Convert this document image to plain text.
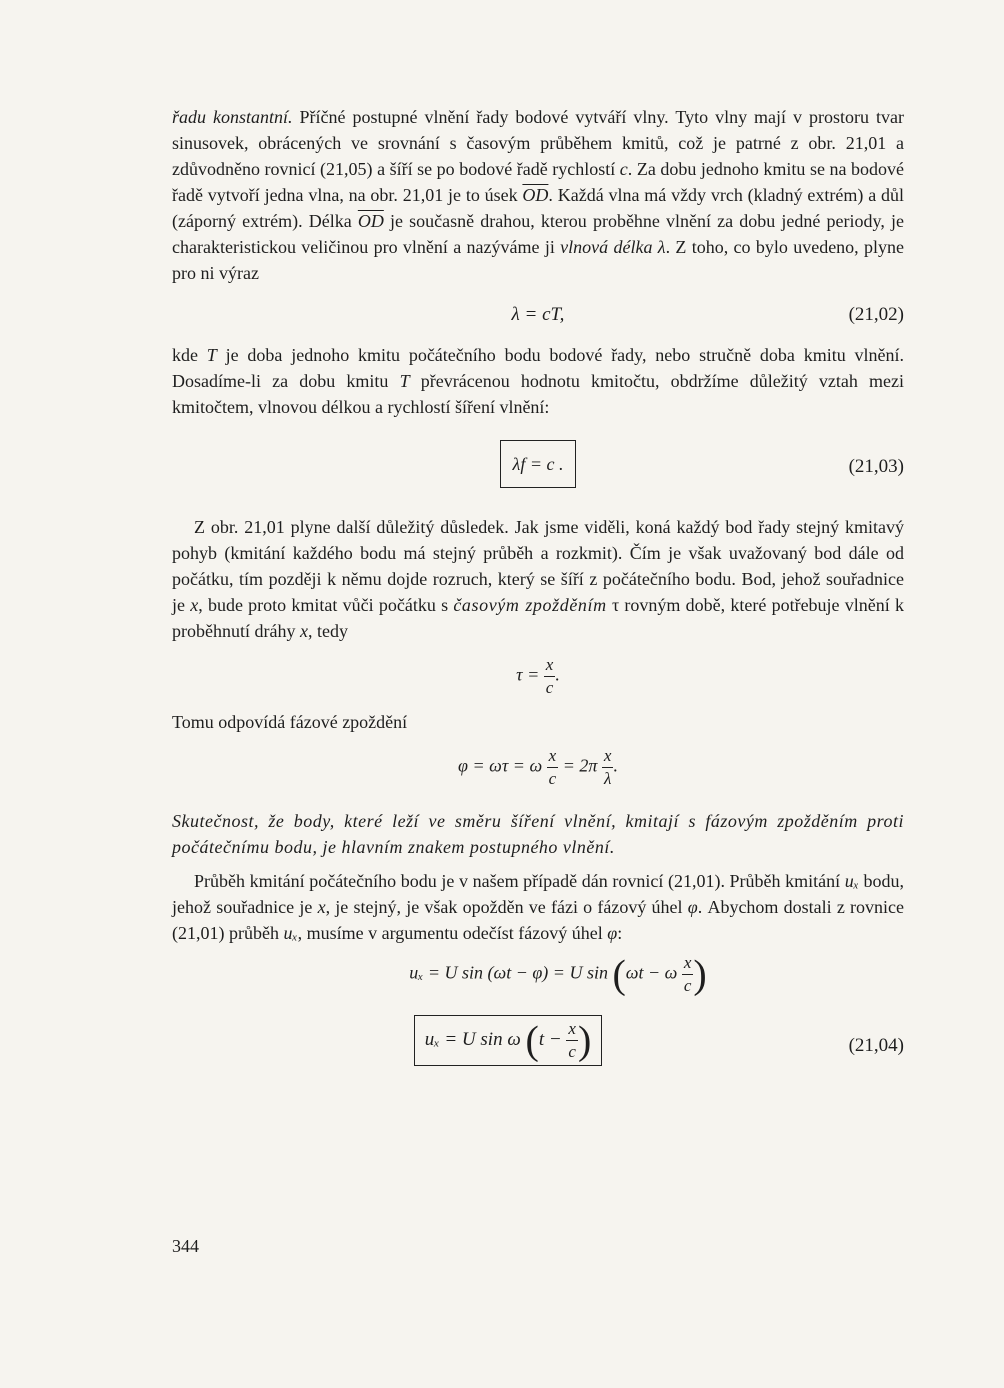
řadu konstantní. Příčné postupné vlnění řady bodové vytváří vlny. Tyto vlny mají v prostoru tvar sinusovek, obrácených ve srovnání s časovým průběhem kmitů, což je patrné z obr. 21,01 a zdůvodněno rovnicí (21,05) a šíří se po bodové řadě rychlostí c. Za dobu jednoho kmitu se na bodové řadě vytvoří jedna vlna, na obr. 21,01 je to úsek $\overline{OD}$. Každá vlna má vždy vrch (kladný extrém) a důl (záporný extrém). Délka $\overline{OD}$ je současně drahou, kterou proběhne vlnění za dobu jedné periody, je charakteristickou veličinou pro vlnění a nazýváme ji vlnová délka λ. Z toho, co bylo uvedeno, plyne pro ni výraz

λ = cT,	(21,02)

kde T je doba jednoho kmitu počátečního bodu bodové řady, nebo stručně doba kmitu vlnění. Dosadíme-li za dobu kmitu T převrácenou hodnotu kmitočtu, obdržíme důležitý vztah mezi kmitočtem, vlnovou délkou a rychlostí šíření vlnění:

λf = c .	(21,03)

Z obr. 21,01 plyne další důležitý důsledek. Jak jsme viděli, koná každý bod řady stejný kmitavý pohyb (kmitání každého bodu má stejný průběh a rozkmit). Čím je však uvažovaný bod dále od počátku, tím později k němu dojde rozruch, který se šíří z počátečního bodu. Bod, jehož souřadnice je x, bude proto kmitat vůči počátku s časovým zpožděním τ rovným době, které potřebuje vlnění k proběhnutí dráhy x, tedy

$\tau = \frac{x}{c}$ .

Tomu odpovídá fázové zpoždění

φ = ωτ = ω $\frac{x}{c} = 2\pi \frac{x}{\lambda}$ .

Skutečnost, že body, které leží ve směru šíření vlnění, kmitají s fázovým zpožděním proti počátečnímu bodu, je hlavním znakem postupného vlnění.

Průběh kmitání počátečního bodu je v našem případě dán rovnicí (21,01). Průběh kmitání uₓ bodu, jehož souřadnice je x, je stejný, je však opožděn ve fázi o fázový úhel φ. Abychom dostali z rovnice (21,01) průběh uₓ, musíme v argumentu odečíst fázový úhel φ:

uₓ = U sin (ωt − φ) = U sin (ωt − ω $\frac{x}{c}$ )
uₓ = U sin ω ($t - \frac{x}{c}$ )	(21,04)
344
